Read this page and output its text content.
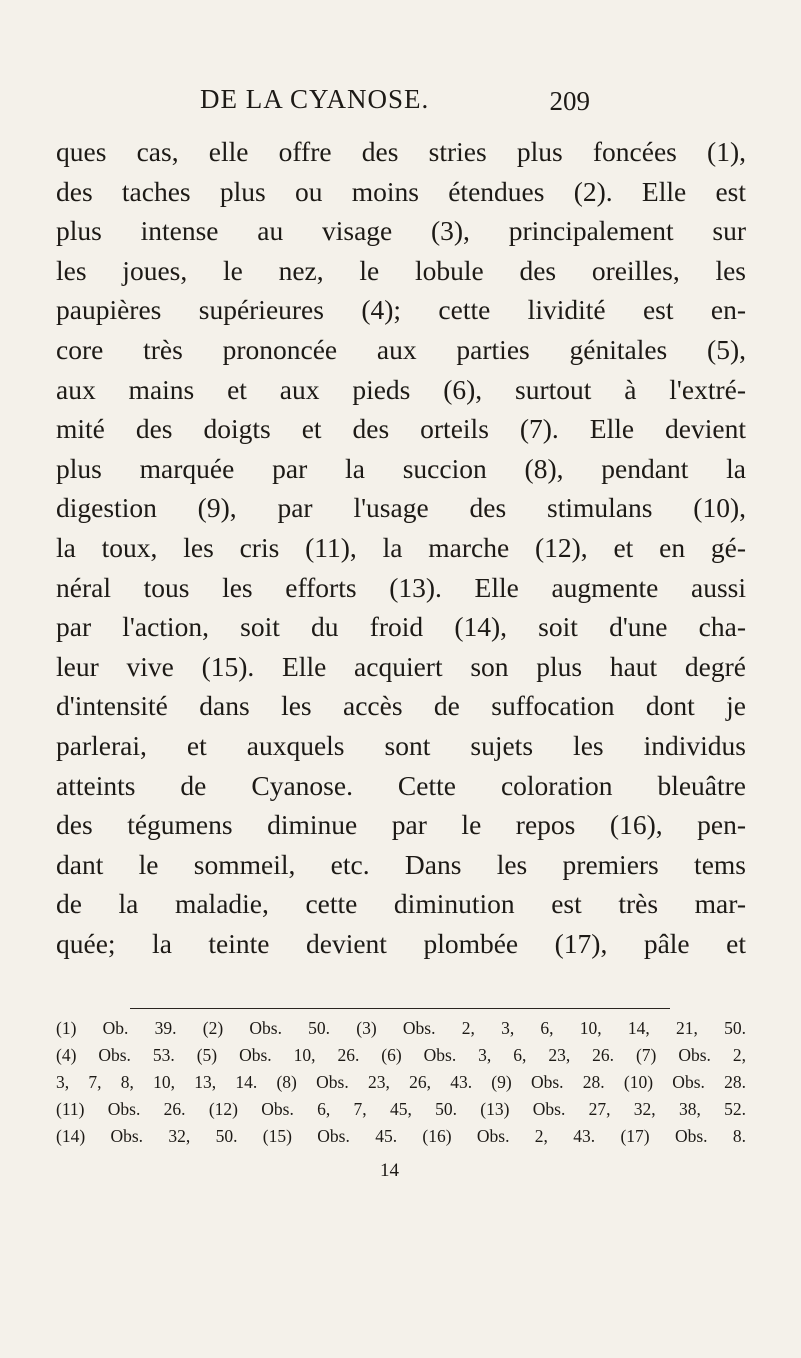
DE LA CYANOSE.	209
ques cas, elle offre des stries plus foncées (1),
des taches plus ou moins étendues (2). Elle est
plus intense au visage (3), principalement sur
les joues, le nez, le lobule des oreilles, les
paupières supérieures (4); cette lividité est en-
core très prononcée aux parties génitales (5),
aux mains et aux pieds (6), surtout à l'extré-
mité des doigts et des orteils (7). Elle devient
plus marquée par la succion (8), pendant la
digestion (9), par l'usage des stimulans (10),
la toux, les cris (11), la marche (12), et en gé-
néral tous les efforts (13). Elle augmente aussi
par l'action, soit du froid (14), soit d'une cha-
leur vive (15). Elle acquiert son plus haut degré
d'intensité dans les accès de suffocation dont je
parlerai, et auxquels sont sujets les individus
atteints de Cyanose. Cette coloration bleuâtre
des tégumens diminue par le repos (16), pen-
dant le sommeil, etc. Dans les premiers tems
de la maladie, cette diminution est très mar-
quée; la teinte devient plombée (17), pâle et
(1) Ob. 39. (2) Obs. 50. (3) Obs. 2, 3, 6, 10, 14, 21, 50.
(4) Obs. 53. (5) Obs. 10, 26. (6) Obs. 3, 6, 23, 26. (7) Obs. 2,
3, 7, 8, 10, 13, 14. (8) Obs. 23, 26, 43. (9) Obs. 28. (10) Obs. 28.
(11) Obs. 26. (12) Obs. 6, 7, 45, 50. (13) Obs. 27, 32, 38, 52.
(14) Obs. 32, 50. (15) Obs. 45. (16) Obs. 2, 43. (17) Obs. 8.
14
